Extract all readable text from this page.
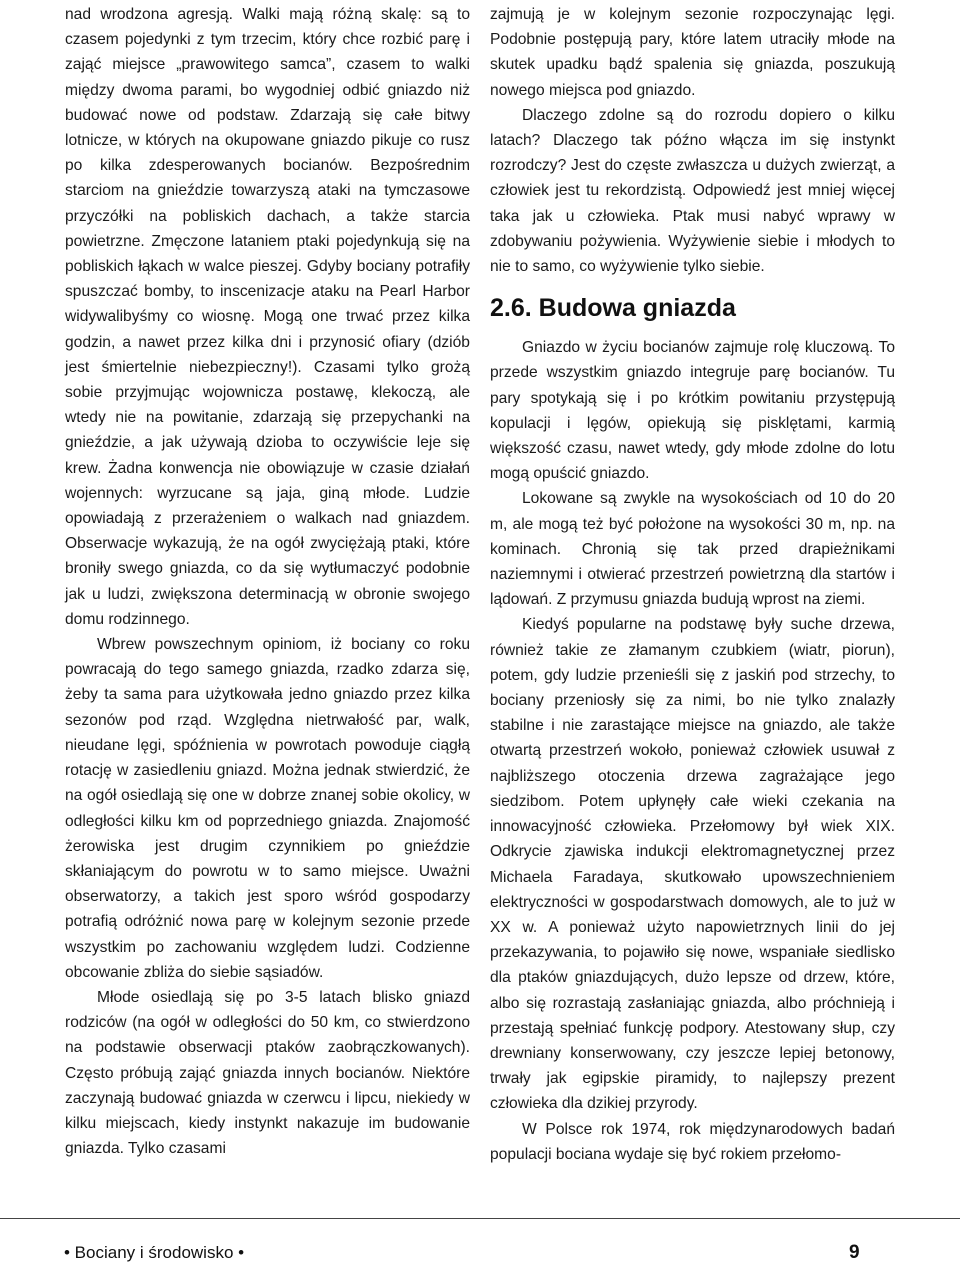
nad wrodzona agresją. Walki mają różną skalę: są to czasem pojedynki z tym trzecim, który chce rozbić parę i zająć miejsce „prawowitego samca”, czasem to walki między dwoma parami, bo wygodniej odbić gniazdo niż budować nowe od podstaw. Zdarzają się całe bitwy lotnicze, w których na okupowane gniazdo pikuje co rusz po kilka zdesperowanych bocianów. Bezpośrednim starciom na gnieździe towarzyszą ataki na tymczasowe przyczółki na pobliskich dachach, a także starcia powietrzne. Zmęczone lataniem ptaki pojedynkują się na pobliskich łąkach w walce pieszej. Gdyby bociany potrafiły spuszczać bomby, to inscenizacje ataku na Pearl Harbor widywalibyśmy co wiosnę. Mogą one trwać przez kilka godzin, a nawet przez kilka dni i przynosić ofiary (dziób jest śmiertelnie niebezpieczny!). Czasami tylko grożą sobie przyjmując wojownicza postawę, klekoczą, ale wtedy nie na powitanie, zdarzają się przepychanki na gnieździe, a jak używają dzioba to oczywiście leje się krew. Żadna konwencja nie obowiązuje w czasie działań wojennych: wyrzucane są jaja, giną młode. Ludzie opowiadają z przerażeniem o walkach nad gniazdem. Obserwacje wykazują, że na ogół zwyciężają ptaki, które broniły swego gniazda, co da się wytłumaczyć podobnie jak u ludzi, zwiększona determinacją w obronie swojego domu rodzinnego.

Wbrew powszechnym opiniom, iż bociany co roku powracają do tego samego gniazda, rzadko zdarza się, żeby ta sama para użytkowała jedno gniazdo przez kilka sezonów pod rząd. Względna nietrwałość par, walk, nieudane lęgi, spóźnienia w powrotach powoduje ciągłą rotację w zasiedleniu gniazd. Można jednak stwierdzić, że na ogół osiedlają się one w dobrze znanej sobie okolicy, w odległości kilku km od poprzedniego gniazda. Znajomość żerowiska jest drugim czynnikiem po gnieździe skłaniającym do powrotu w to samo miejsce. Uważni obserwatorzy, a takich jest sporo wśród gospodarzy potrafią odróżnić nowa parę w kolejnym sezonie przede wszystkim po zachowaniu względem ludzi. Codzienne obcowanie zbliża do siebie sąsiadów.

Młode osiedlają się po 3-5 latach blisko gniazd rodziców (na ogół w odległości do 50 km, co stwierdzono na podstawie obserwacji ptaków zaobrączkowanych). Często próbują zająć gniazda innych bocianów. Niektóre zaczynają budować gniazda w czerwcu i lipcu, niekiedy w kilku miejscach, kiedy instynkt nakazuje im budowanie gniazda. Tylko czasami

zajmują je w kolejnym sezonie rozpoczynając lęgi. Podobnie postępują pary, które latem utraciły młode na skutek upadku bądź spalenia się gniazda, poszukują nowego miejsca pod gniazdo.

Dlaczego zdolne są do rozrodu dopiero o kilku latach? Dlaczego tak późno włącza im się instynkt rozrodczy? Jest do częste zwłaszcza u dużych zwierząt, a człowiek jest tu rekordzistą. Odpowiedź jest mniej więcej taka jak u człowieka. Ptak musi nabyć wprawy w zdobywaniu pożywienia. Wyżywienie siebie i młodych to nie to samo, co wyżywienie tylko siebie.

2.6. Budowa gniazda

Gniazdo w życiu bocianów zajmuje rolę kluczową. To przede wszystkim gniazdo integruje parę bocianów. Tu pary spotykają się i po krótkim powitaniu przystępują kopulacji i lęgów, opiekują się pisklętami, karmią większość czasu, nawet wtedy, gdy młode zdolne do lotu mogą opuścić gniazdo.

Lokowane są zwykle na wysokościach od 10 do 20 m, ale mogą też być położone na wysokości 30 m, np. na kominach. Chronią się tak przed drapieżnikami naziemnymi i otwierać przestrzeń powietrzną dla startów i lądowań. Z przymusu gniazda budują wprost na ziemi.

Kiedyś popularne na podstawę były suche drzewa, również takie ze złamanym czubkiem (wiatr, piorun), potem, gdy ludzie przenieśli się z jaskiń pod strzechy, to bociany przeniosły się za nimi, bo nie tylko znalazły stabilne i nie zarastające miejsce na gniazdo, ale także otwartą przestrzeń wokoło, ponieważ człowiek usuwał z najbliższego otoczenia drzewa zagrażające jego siedzibom. Potem upłynęły całe wieki czekania na innowacyjność człowieka. Przełomowy był wiek XIX. Odkrycie zjawiska indukcji elektromagnetycznej przez Michaela Faradaya, skutkowało upowszechnieniem elektryczności w gospodarstwach domowych, ale to już w XX w. A ponieważ użyto napowietrznych linii do jej przekazywania, to pojawiło się nowe, wspaniałe siedlisko dla ptaków gniazdujących, dużo lepsze od drzew, które, albo się rozrastają zasłaniając gniazda, albo próchnieją i przestają spełniać funkcję podpory. Atestowany słup, czy drewniany konserwowany, czy jeszcze lepiej betonowy, trwały jak egipskie piramidy, to najlepszy prezent człowieka dla dzikiej przyrody.

W Polsce rok 1974, rok międzynarodowych badań populacji bociana wydaje się być rokiem przełomo-

• Bociany i środowisko •	9
